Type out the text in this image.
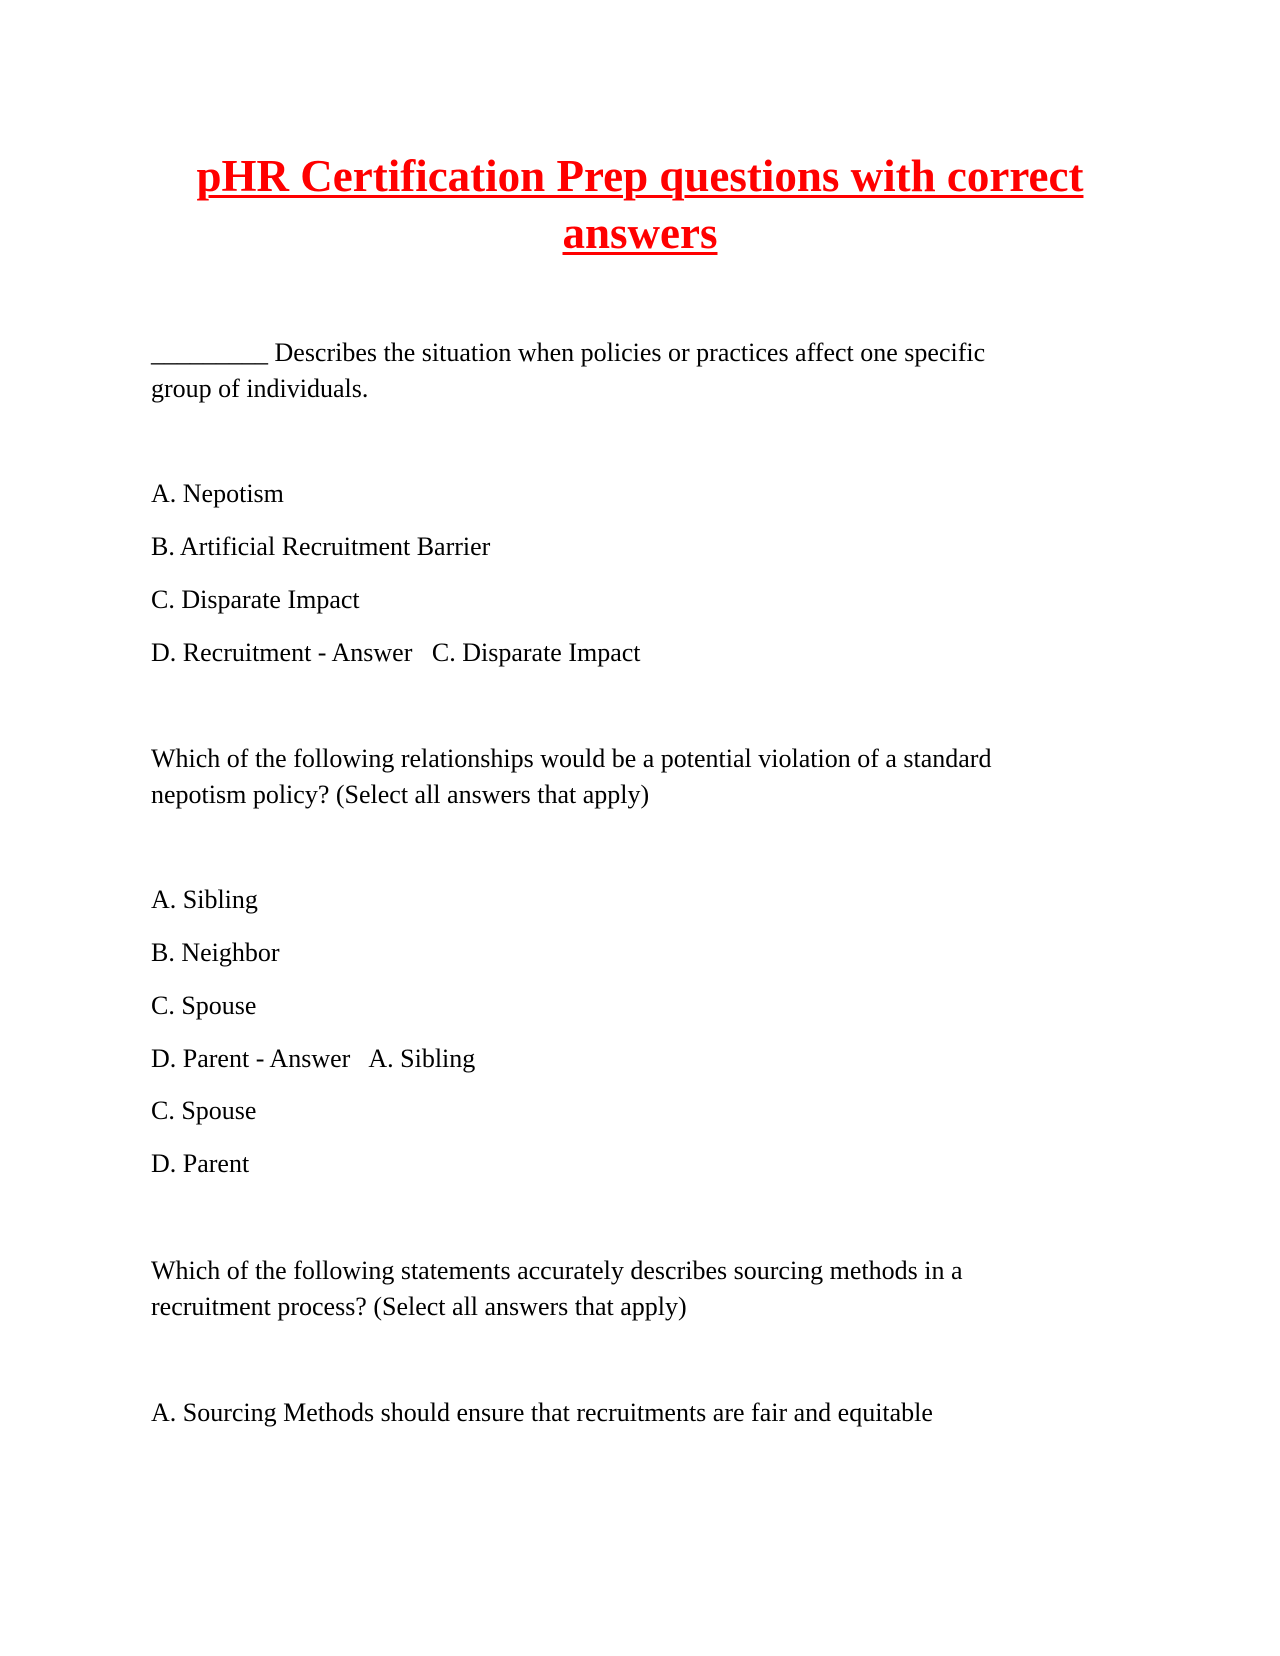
pHR Certification Prep questions with correct
answers

_________ Describes the situation when policies or practices affect one specific

group of individuals.

A. Nepotism

B. Artificial Recruitment Barrier

C. Disparate Impact

D. Recruitment - Answer   C. Disparate Impact

Which of the following relationships would be a potential violation of a standard

nepotism policy? (Select all answers that apply)

A. Sibling

B. Neighbor

C. Spouse

D. Parent - Answer   A. Sibling

C. Spouse

D. Parent

Which of the following statements accurately describes sourcing methods in a

recruitment process? (Select all answers that apply)

A. Sourcing Methods should ensure that recruitments are fair and equitable
